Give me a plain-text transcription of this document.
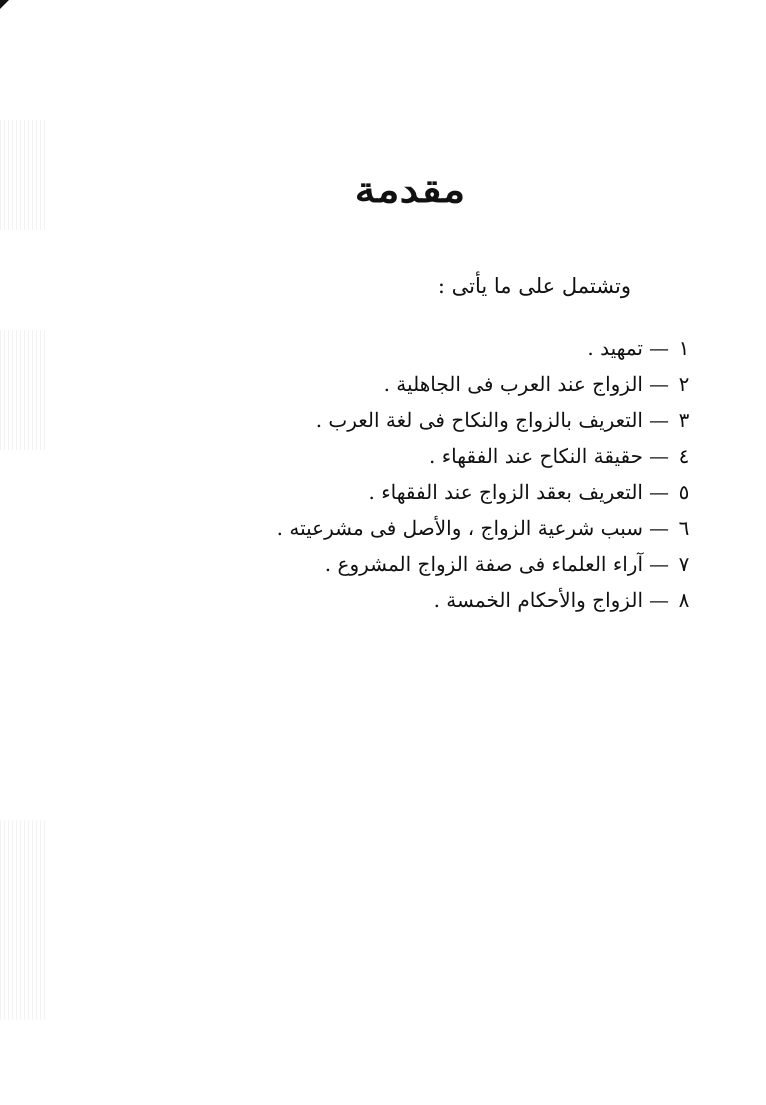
مقدمة
وتشتمل على ما يأتى :
١—تمهيد .
٢—الزواج عند العرب فى الجاهلية .
٣—التعريف بالزواج والنكاح فى لغة العرب .
٤—حقيقة النكاح عند الفقهاء .
٥—التعريف بعقد الزواج عند الفقهاء .
٦—سبب شرعية الزواج ، والأصل فى مشرعيته .
٧—آراء العلماء فى صفة الزواج المشروع .
٨—الزواج والأحكام الخمسة .
